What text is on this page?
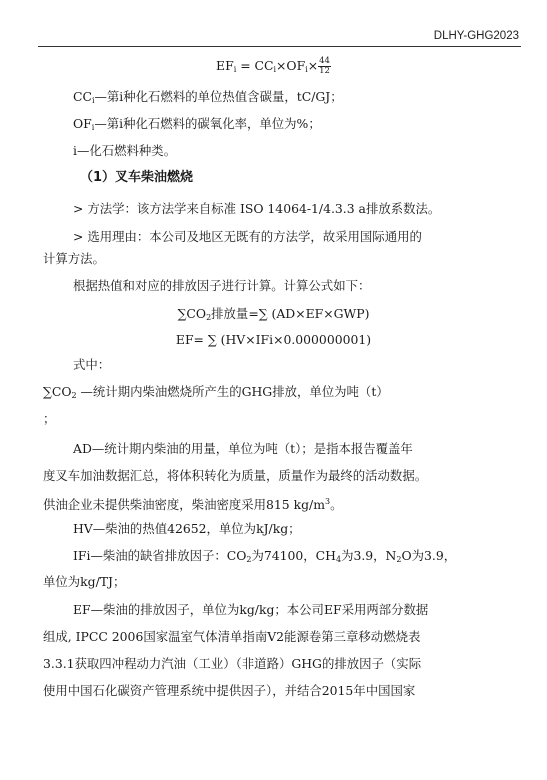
DLHY-GHG2023
$EF_i = CC_i\times OF_i\times \frac{44}{12}$
$CC_i—$第i种化石燃料的单位热值含碳量，tC/GJ；
$OF_i—$第i种化石燃料的碳氧化率，单位为%；
i—化石燃料种类。
（1）叉车柴油燃烧
> 方法学：该方法学来自标准 ISO 14064-1/4.3.3 a排放系数法。
> 选用理由：本公司及地区无既有的方法学，故采用国际通用的
计算方法。
根据热值和对应的排放因子进行计算。计算公式如下：
$\sum CO_2$排放量=∑ (AD×EF×GWP)
EF= ∑ (HV×IFi×0.000000001)
式中：
$\sum CO_2$ —统计期内柴油燃烧所产生的GHG排放，单位为吨（t）
；
AD—统计期内柴油的用量，单位为吨（t）；是指本报告覆盖年
度叉车加油数据汇总，将体积转化为质量，质量作为最终的活动数据。
供油企业未提供柴油密度，柴油密度采用815 $kg/m^3$。
HV—柴油的热值42652，单位为kJ/kg；
IFi—柴油的缺省排放因子：$CO_2$为74100，$CH_4$为3.9，$N_2O$为3.9，
单位为kg/TJ；
EF—柴油的排放因子，单位为kg/kg；本公司EF采用两部分数据
组成, IPCC 2006国家温室气体清单指南V2能源卷第三章移动燃烧表
3.3.1获取四冲程动力汽油（工业）（非道路）GHG的排放因子（实际
使用中国石化碳资产管理系统中提供因子），并结合2015年中国国家
